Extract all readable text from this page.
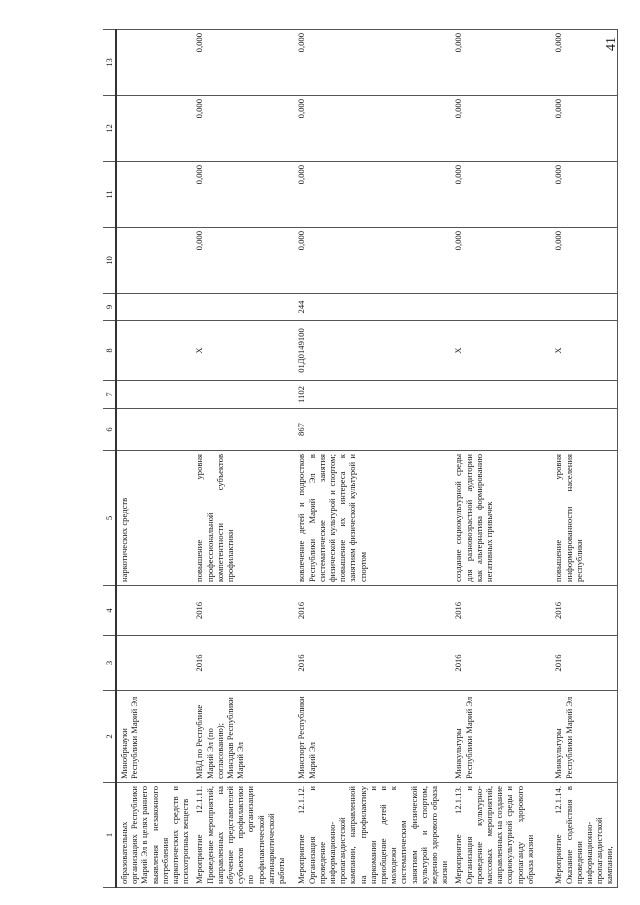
41
1	2	3	4	5	6	7	8	9	10	11	12	13
образовательных организациях Республики Марий Эл в целях раннего выявления незаконного потребления наркотических средств и психотропных веществ	Минобрнауки Республики Марий Эл			наркотических средств								
Мероприятие 12.1.11. Проведение мероприятий, направленных на обучение представителей субъектов профилактики по организации профилактической антинаркотической работы	МВД по Республике Марий Эл (по согласованию); Минздрав Республики Марий Эл	2016	2016	повышение уровня профессиональной компетентности субъектов профилактики			X		0,000	0,000	0,000	0,000
Мероприятие 12.1.12. Организация и проведение информационно-пропагандистской кампании, направленной на профилактику наркомании и приобщение детей и молодежи к систематическим занятиям физической культурой и спортом, ведению здорового образа жизни	Минспорт Республики Марий Эл	2016	2016	вовлечение детей и подростков Республики Марий Эл в систематические занятия физической культурой и спортом; повышение их интереса к занятиям физической культурой и спортом	867	1102	01Д0149100	244	0,000	0,000	0,000	0,000
Мероприятие 12.1.13. Организация и проведение культурно-массовых мероприятий, направленных на создание социокультурной среды и пропаганду здорового образа жизни	Минкультуры Республики Марий Эл	2016	2016	создание социокультурной среды для разновозрастной аудитории как альтернатива формированию негативных привычек			X		0,000	0,000	0,000	0,000
Мероприятие 12.1.14. Оказание содействия в проведении информационно-пропагандистской кампании,	Минкультуры Республики Марий Эл	2016	2016	повышение уровня информированности населения республики			X		0,000	0,000	0,000	0,000
